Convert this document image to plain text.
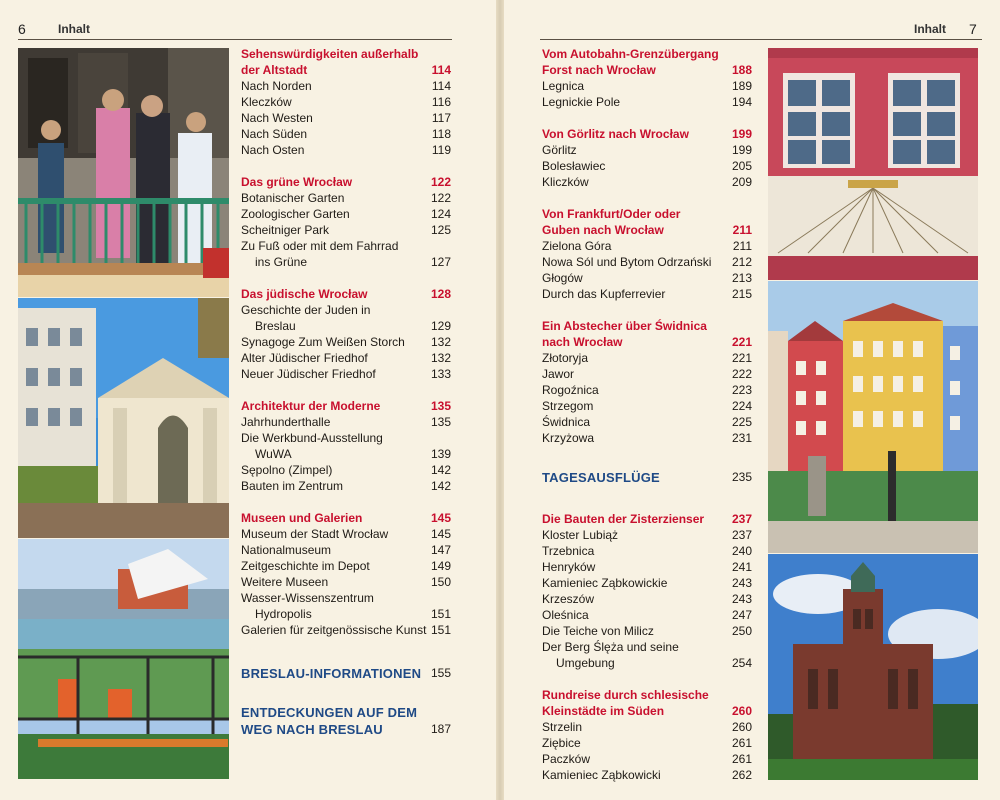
6	Inhalt
Sehenswürdigkeiten außerhalb
der Altstadt	114
Nach Norden	114
Kleczków	116
Nach Westen	117
Nach Süden	118
Nach Osten	119
Das grüne Wrocław	122
Botanischer Garten	122
Zoologischer Garten	124
Scheitniger Park	125
Zu Fuß oder mit dem Fahrrad
ins Grüne	127
Das jüdische Wrocław	128
Geschichte der Juden in
Breslau	129
Synagoge Zum Weißen Storch 132
Alter Jüdischer Friedhof	132
Neuer Jüdischer Friedhof	133
Architektur der Moderne	135
Jahrhunderthalle	135
Die Werkbund-Ausstellung
WuWA	139
Sępolno (Zimpel)	142
Bauten im Zentrum	142
Museen und Galerien	145
Museum der Stadt Wrocław	145
Nationalmuseum	147
Zeitgeschichte im Depot	149
Weitere Museen	150
Wasser-Wissenszentrum
Hydropolis	151
Galerien für zeitgenössische Kunst 151
BRESLAU-INFORMATIONEN 155
ENTDECKUNGEN AUF DEM
WEG NACH BRESLAU	187
Inhalt 7
Vom Autobahn-Grenzübergang
Forst nach Wrocław	188
Legnica	189
Legnickie Pole	194
Von Görlitz nach Wrocław	199
Görlitz	199
Bolesławiec	205
Kliczków	209
Von Frankfurt/Oder oder
Guben nach Wrocław	211
Zielona Góra	211
Nowa Sól und Bytom Odrzański 212
Głogów	213
Durch das Kupferrevier	215
Ein Abstecher über Świdnica
nach Wrocław	221
Złotoryja	221
Jawor	222
Rogoźnica	223
Strzegom	224
Świdnica	225
Krzyżowa	231
TAGESAUSFLÜGE	235
Die Bauten der Zisterzienser 237
Kloster Lubiąż	237
Trzebnica	240
Henryków	241
Kamieniec Ząbkowickie	243
Krzeszów	243
Oleśnica	247
Die Teiche von Milicz	250
Der Berg Ślęża und seine
Umgebung	254
Rundreise durch schlesische
Kleinstädte im Süden	260
Strzelin	260
Ziębice	261
Paczków	261
Kamieniec Ząbkowicki	262
